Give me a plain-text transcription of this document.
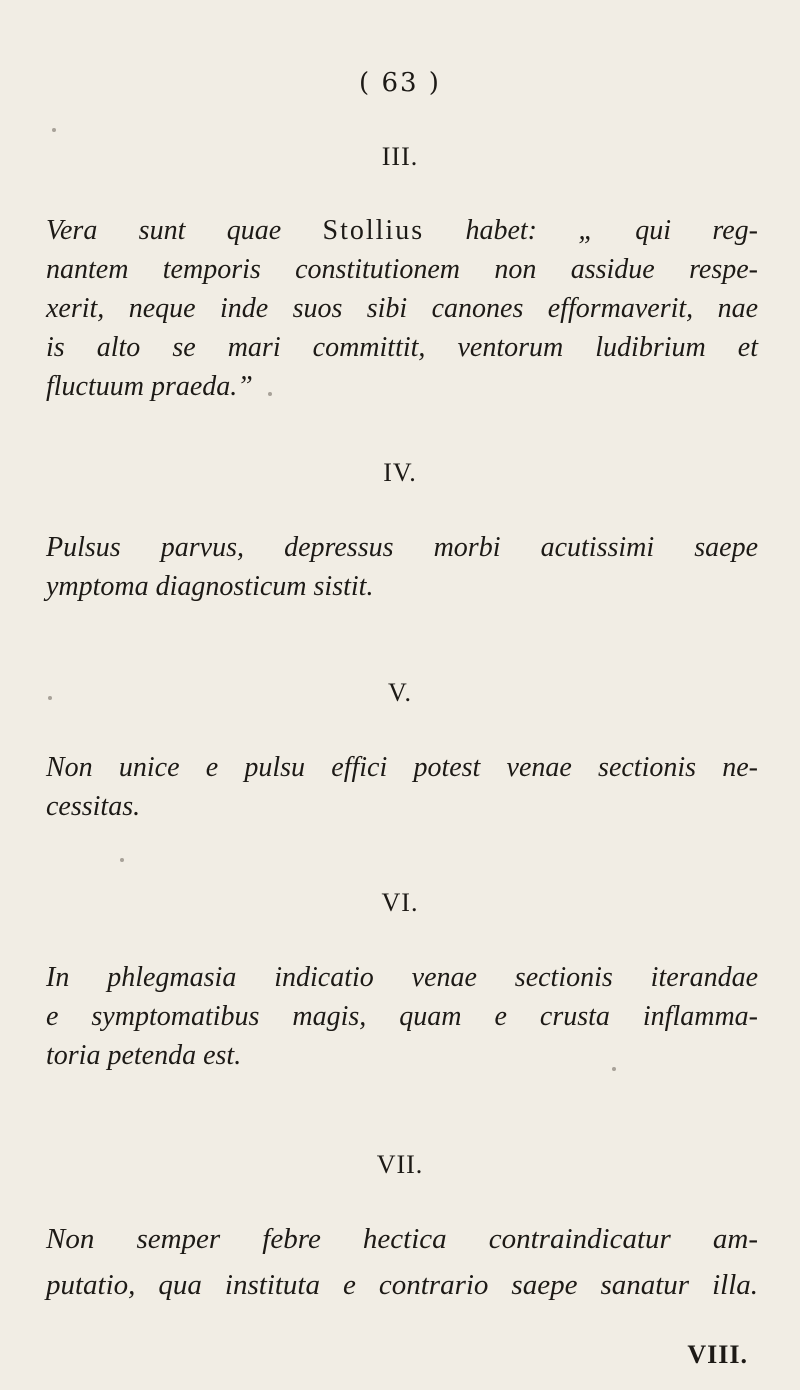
( 63 )
III.
Vera sunt quae Stollius habet: „ qui reg-
nantem temporis constitutionem non assidue respe-
xerit, neque inde suos sibi canones efformaverit, nae
is alto se mari committit, ventorum ludibrium et
fluctuum praeda.”
IV.
Pulsus parvus, depressus morbi acutissimi saepe
ymptoma diagnosticum sistit.
V.
Non unice e pulsu effici potest venae sectionis ne-
cessitas.
VI.
In phlegmasia indicatio venae sectionis iterandae
e symptomatibus magis, quam e crusta inflamma-
toria petenda est.
VII.
Non semper febre hectica contraindicatur am-
putatio, qua instituta e contrario saepe sanatur illa.
VIII.
